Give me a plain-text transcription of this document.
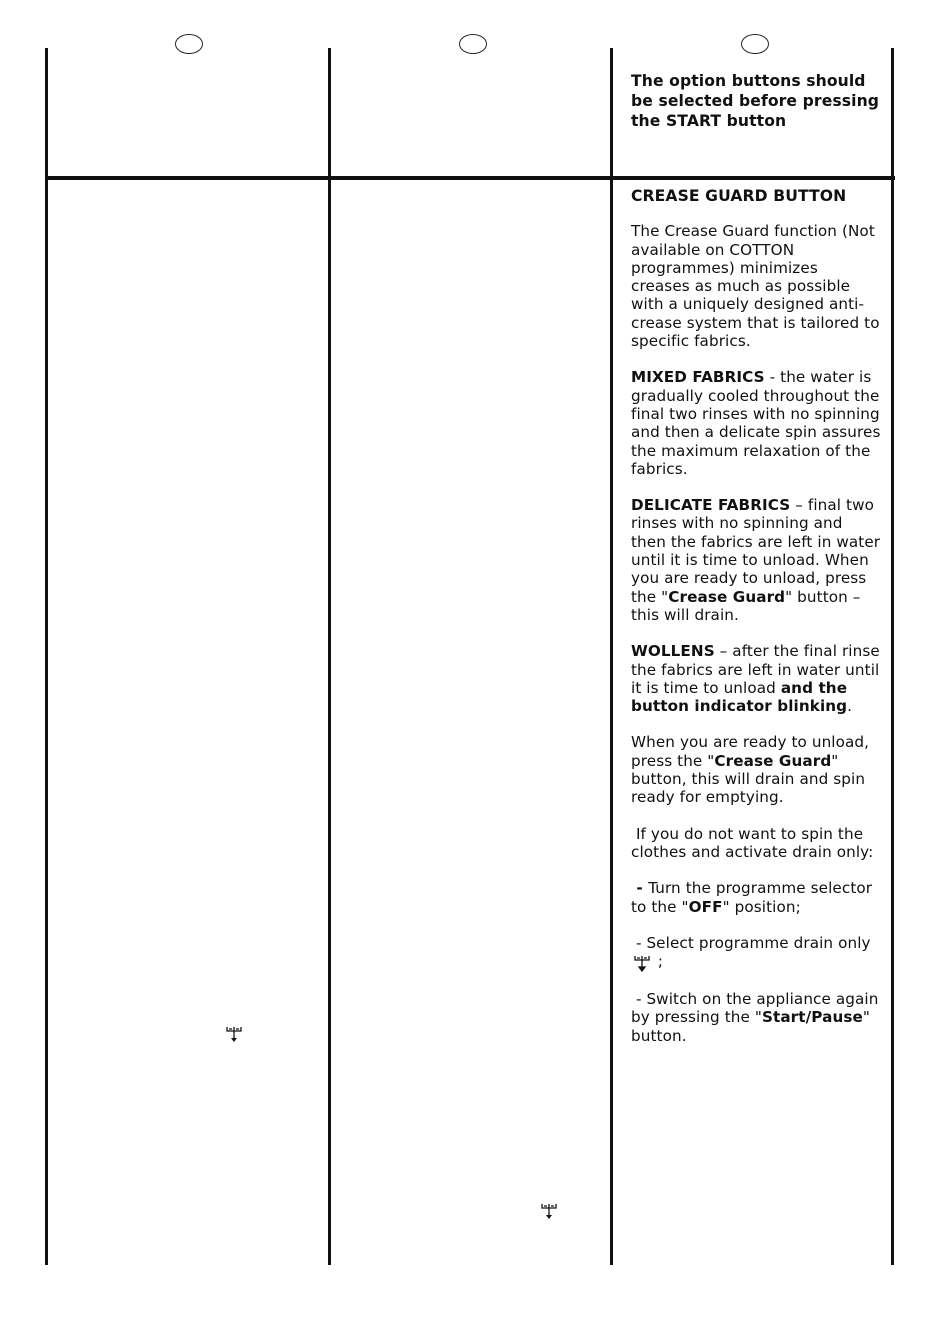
The option buttons should be selected before pressing the START button

CREASE GUARD BUTTON

The Crease Guard function (Not available on COTTON programmes) minimizes creases as much as possible with a uniquely designed anti-crease system that is tailored to specific fabrics.

MIXED FABRICS - the water is gradually cooled throughout the final two rinses with no spinning and then a delicate spin assures the maximum relaxation of the fabrics.

DELICATE FABRICS – final two rinses with no spinning and then the fabrics are left in water until it is time to unload. When you are ready to unload, press the "Crease Guard" button – this will drain.

WOLLENS – after the final rinse the fabrics are left in water until it is time to unload and the button indicator blinking.

When you are ready to unload, press the "Crease Guard" button, this will drain and spin ready for emptying.

If you do not want to spin the clothes and activate drain only:

- Turn the programme selector to the "OFF" position;

- Select programme drain only  ;

- Switch on the appliance again by pressing the "Start/Pause" button.
